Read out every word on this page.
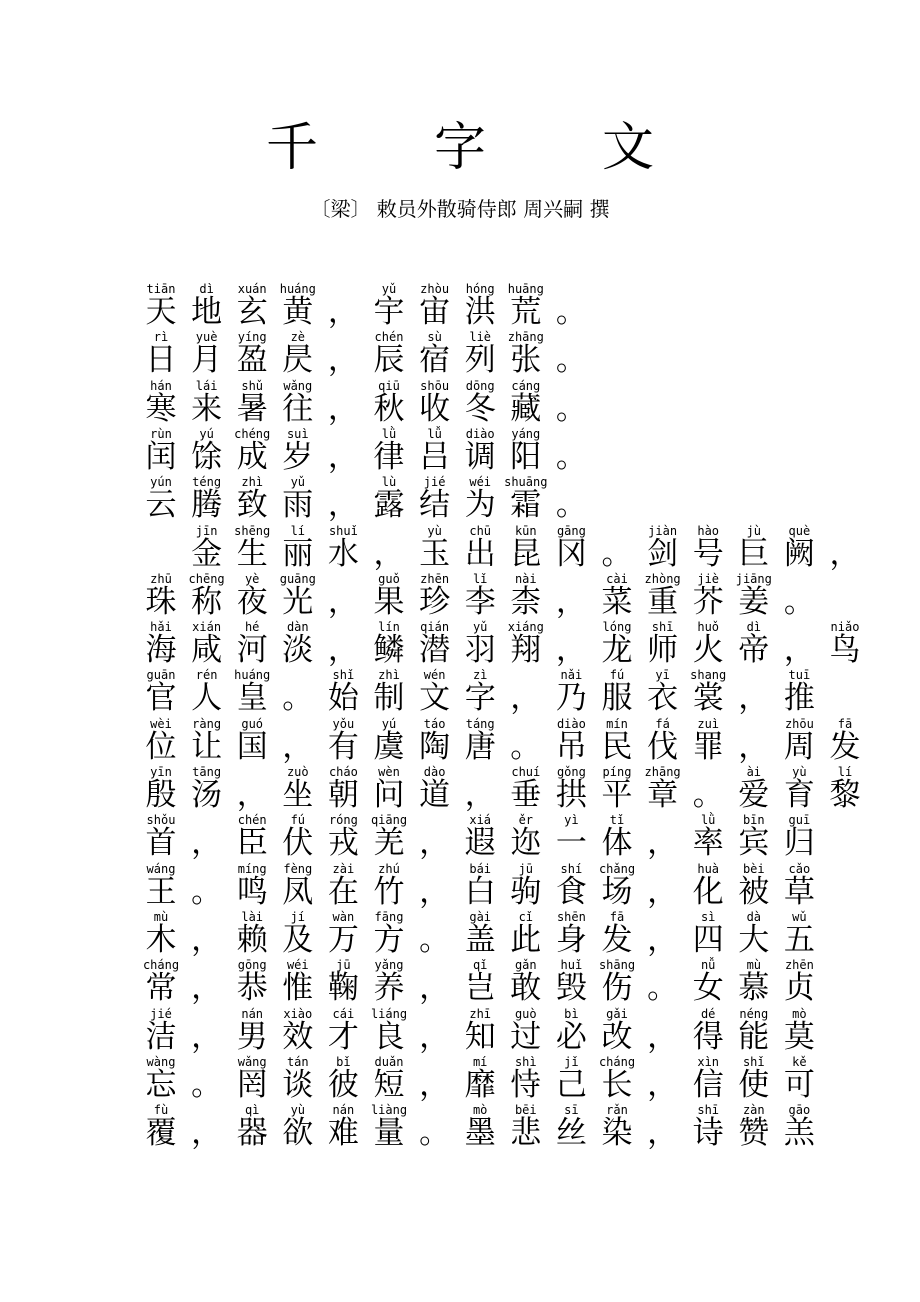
千　字　文
〔梁〕 敕员外散骑侍郎 周兴嗣 撰
tiān
天
dì
地
xuán
玄
huáng
黄 ，
yǔ
宇
zhòu
宙
hóng
洪
huāng
荒 。
rì
日
yuè
月
yíng
盈
zè
昃 ，
chén
辰
sù
宿
liè
列
zhāng
张 。
hán
寒
lái
来
shǔ
暑
wǎng
往 ，
qiū
秋
shōu
收
dōng
冬
cáng
藏 。
rùn
闰
yú
馀
chéng
成
suì
岁 ，
lǜ
律
lǚ
吕
diào
调
yáng
阳 。
yún
云
téng
腾
zhì
致
yǔ
雨 ，
lù
露
jié
结
wéi
为
shuāng
霜 。
jīn
金
shēng
生
lí
丽
shuǐ
水 ，
yù
玉
chū
出
kūn
昆
gāng
冈 。
jiàn
剑
hào
号
jù
巨
què
阙 ，
zhū
珠
chēng
称
yè
夜
guāng
光 ，
guǒ
果
zhēn
珍
lǐ
李
nài
柰 ，
cài
菜
zhòng
重
jiè
芥
jiāng
姜 。
hǎi
海
xián
咸
hé
河
dàn
淡 ，
lín
鳞
qián
潜
yǔ
羽
xiáng
翔 ，
lóng
龙
shī
师
huǒ
火
dì
帝 ，
niǎo
鸟
guān
官
rén
人
huáng
皇 。
shǐ
始
zhì
制
wén
文
zì
字 ，
nǎi
乃
fú
服
yī
衣
shang
裳 ，
tuī
推
wèi
位
ràng
让
guó
国 ，
yǒu
有
yú
虞
táo
陶
táng
唐 。
diào
吊
mín
民
fá
伐
zuì
罪 ，
zhōu
周
fā
发
yīn
殷
tāng
汤 ，
zuò
坐
cháo
朝
wèn
问
dào
道 ，
chuí
垂
gǒng
拱
píng
平
zhāng
章 。
ài
爱
yù
育
lí
黎
shǒu
首 ，
chén
臣
fú
伏
róng
戎
qiāng
羌 ，
xiá
遐
ěr
迩
yì
一
tǐ
体 ，
lǜ
率
bīn
宾
guī
归
wáng
王 。
míng
鸣
fèng
凤
zài
在
zhú
竹 ，
bái
白
jū
驹
shí
食
chǎng
场 ，
huà
化
bèi
被
cǎo
草
mù
木 ，
lài
赖
jí
及
wàn
万
fāng
方 。
gài
盖
cǐ
此
shēn
身
fā
发 ，
sì
四
dà
大
wǔ
五
cháng
常 ，
gōng
恭
wéi
惟
jū
鞠
yǎng
养 ，
qǐ
岂
gǎn
敢
huǐ
毁
shāng
伤 。
nǚ
女
mù
慕
zhēn
贞
jié
洁 ，
nán
男
xiào
效
cái
才
liáng
良 ，
zhī
知
guò
过
bì
必
gǎi
改 ，
dé
得
néng
能
mò
莫
wàng
忘 。
wǎng
罔
tán
谈
bǐ
彼
duǎn
短 ，
mí
靡
shì
恃
jǐ
己
cháng
长 ，
xìn
信
shǐ
使
kě
可
fù
覆 ，
qì
器
yù
欲
nán
难
liàng
量 。
mò
墨
bēi
悲
sī
丝
rǎn
染 ，
shī
诗
zàn
赞
gāo
羔
